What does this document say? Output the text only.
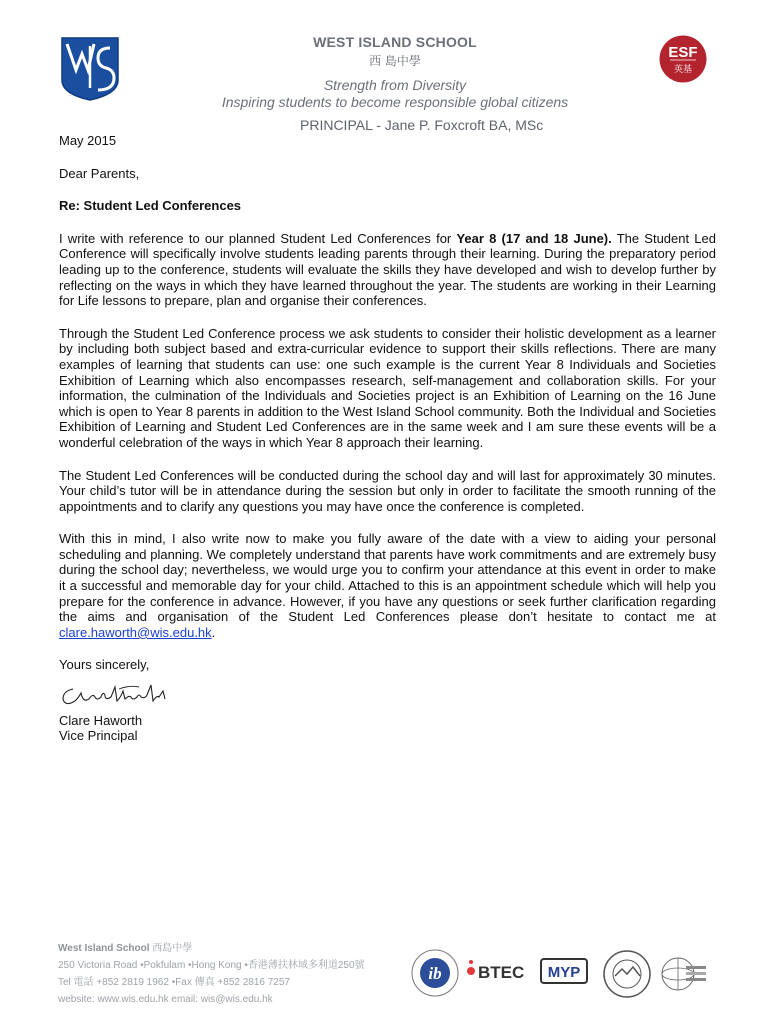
WIS
WEST ISLAND SCHOOL
西 島中學
Strength from Diversity
Inspiring students to become responsible global citizens
PRINCIPAL - Jane P. Foxcroft BA, MSc
ESF
英基

May 2015

Dear Parents,

Re: Student Led Conferences

I write with reference to our planned Student Led Conferences for Year 8 (17 and 18 June). The Student Led Conference will specifically involve students leading parents through their learning. During the preparatory period leading up to the conference, students will evaluate the skills they have developed and wish to develop further by reflecting on the ways in which they have learned throughout the year. The students are working in their Learning for Life lessons to prepare, plan and organise their conferences.

Through the Student Led Conference process we ask students to consider their holistic development as a learner by including both subject based and extra-curricular evidence to support their skills reflections. There are many examples of learning that students can use: one such example is the current Year 8 Individuals and Societies Exhibition of Learning which also encompasses research, self-management and collaboration skills. For your information, the culmination of the Individuals and Societies project is an Exhibition of Learning on the 16 June which is open to Year 8 parents in addition to the West Island School community. Both the Individual and Societies Exhibition of Learning and Student Led Conferences are in the same week and I am sure these events will be a wonderful celebration of the ways in which Year 8 approach their learning.

The Student Led Conferences will be conducted during the school day and will last for approximately 30 minutes. Your child’s tutor will be in attendance during the session but only in order to facilitate the smooth running of the appointments and to clarify any questions you may have once the conference is completed.

With this in mind, I also write now to make you fully aware of the date with a view to aiding your personal scheduling and planning. We completely understand that parents have work commitments and are extremely busy during the school day; nevertheless, we would urge you to confirm your attendance at this event in order to make it a successful and memorable day for your child. Attached to this is an appointment schedule which will help you prepare for the conference in advance. However, if you have any questions or seek further clarification regarding the aims and organisation of the Student Led Conferences please don’t hesitate to contact me at clare.haworth@wis.edu.hk.

Yours sincerely,

Clare Haworth

Vice Principal

West Island School 西島中學
250 Victoria Road •Pokfulam •Hong Kong •香港薄扶林域多利道250號
Tel 電話 +852 2819 1962 •Fax 傳真 +852 2816 7257
website: www.wis.edu.hk email: wis@wis.edu.hk
ib BTEC MYP
